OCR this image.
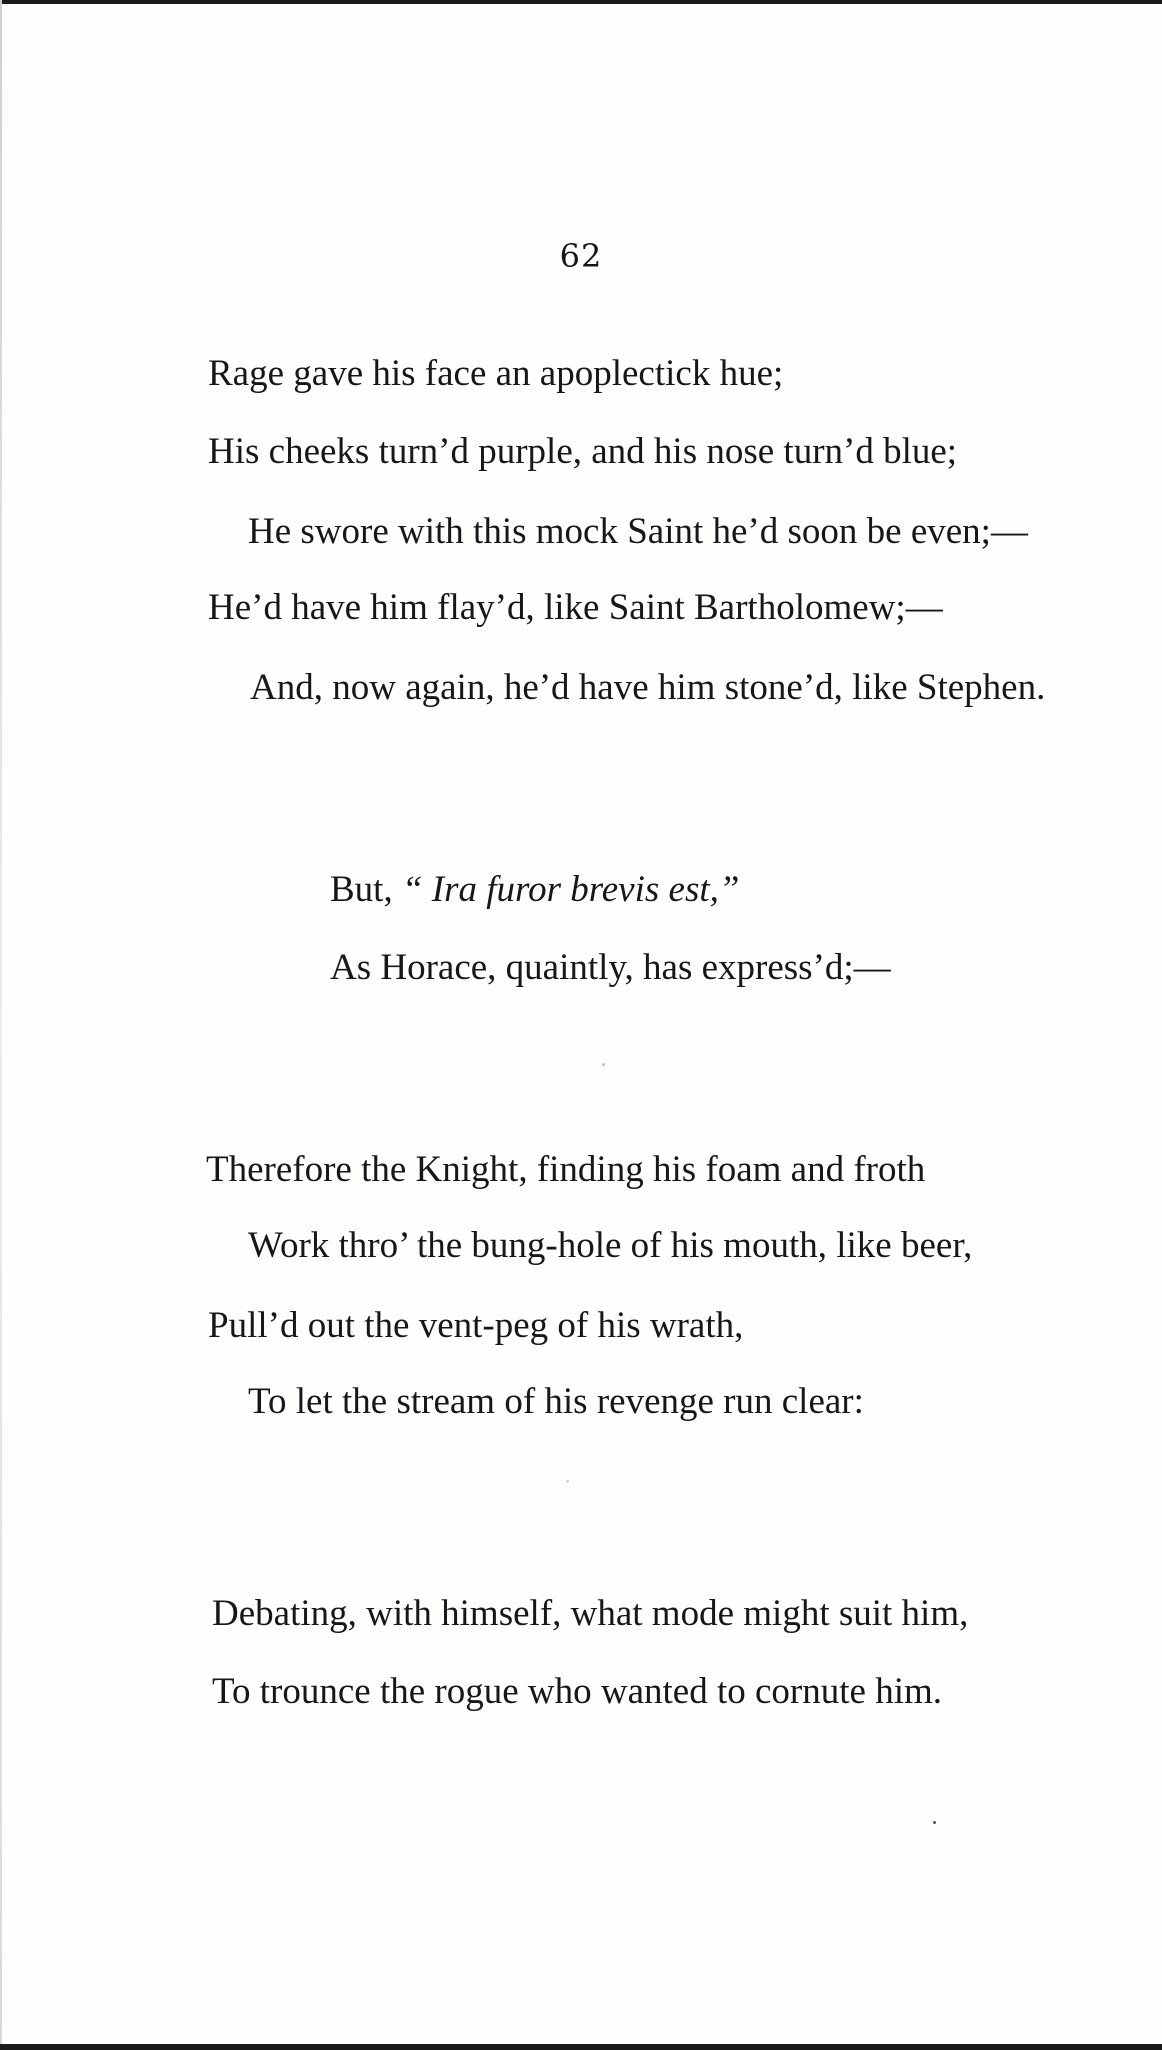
62
Rage gave his face an apoplectick hue;
His cheeks turn’d purple, and his nose turn’d blue;
He swore with this mock Saint he’d soon be even;—
He’d have him flay’d, like Saint Bartholomew;—
And, now again, he’d have him stone’d, like Stephen.
But, “ Ira furor brevis est,”
As Horace, quaintly, has express’d;—
Therefore the Knight, finding his foam and froth
Work thro’ the bung-hole of his mouth, like beer,
Pull’d out the vent-peg of his wrath,
To let the stream of his revenge run clear:
Debating, with himself, what mode might suit him,
To trounce the rogue who wanted to cornute him.
